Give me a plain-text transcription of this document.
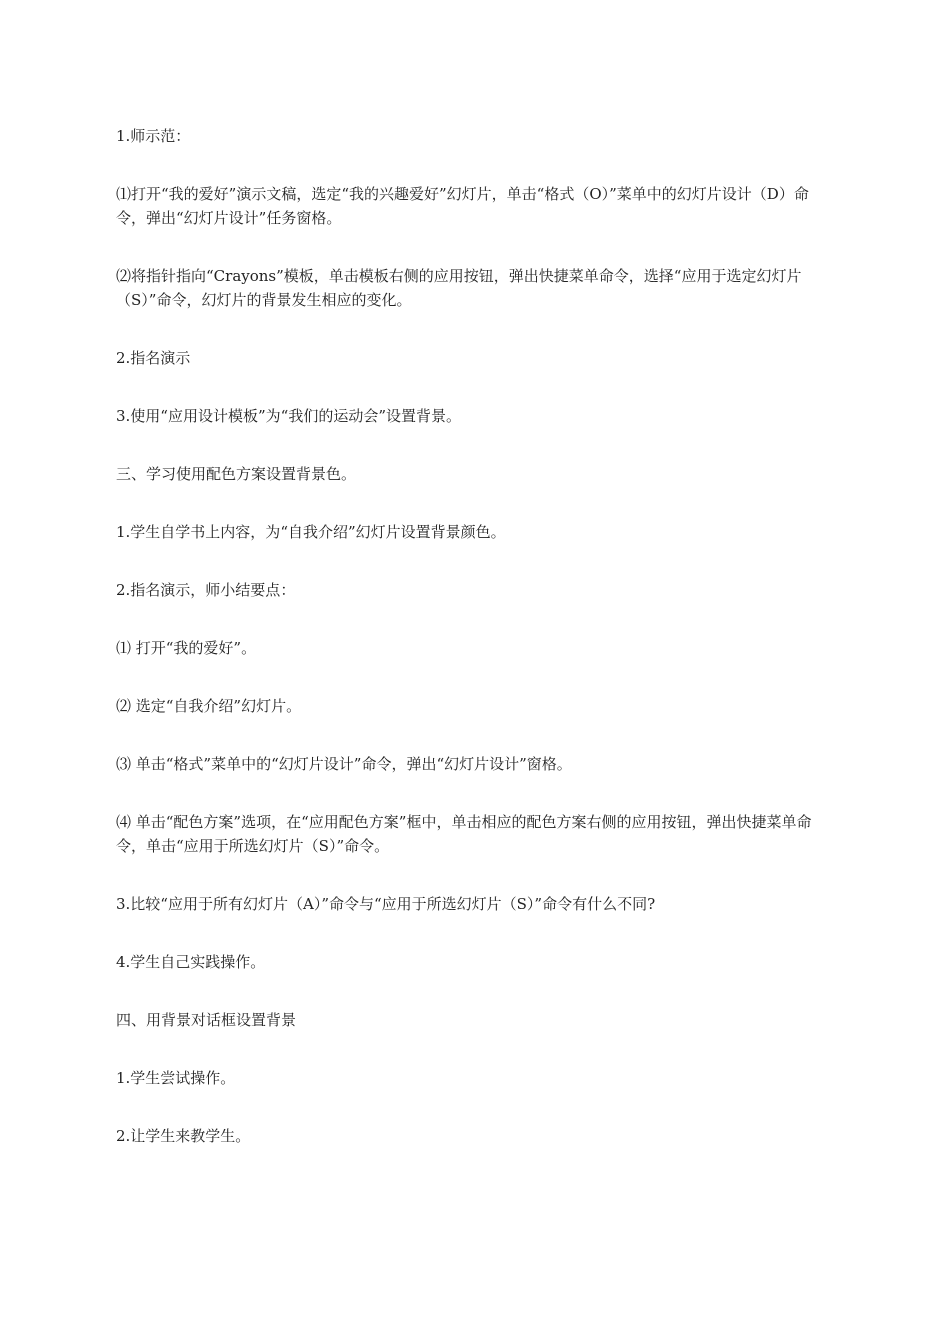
1.师示范：

⑴打开“我的爱好”演示文稿，选定“我的兴趣爱好”幻灯片，单击“格式（O）”菜单中的幻灯片设计（D）命令，弹出“幻灯片设计”任务窗格。

⑵将指针指向“Crayons”模板，单击模板右侧的应用按钮，弹出快捷菜单命令，选择“应用于选定幻灯片（S）”命令，幻灯片的背景发生相应的变化。

2.指名演示

3.使用“应用设计模板”为“我们的运动会”设置背景。

三、学习使用配色方案设置背景色。

1.学生自学书上内容，为“自我介绍”幻灯片设置背景颜色。

2.指名演示，师小结要点：

⑴ 打开“我的爱好”。

⑵ 选定“自我介绍”幻灯片。

⑶ 单击“格式”菜单中的“幻灯片设计”命令，弹出“幻灯片设计”窗格。

⑷ 单击“配色方案”选项，在“应用配色方案”框中，单击相应的配色方案右侧的应用按钮，弹出快捷菜单命令，单击“应用于所选幻灯片（S）”命令。

3.比较“应用于所有幻灯片（A）”命令与“应用于所选幻灯片（S）”命令有什么不同?

4.学生自己实践操作。

四、用背景对话框设置背景

1.学生尝试操作。

2.让学生来教学生。
